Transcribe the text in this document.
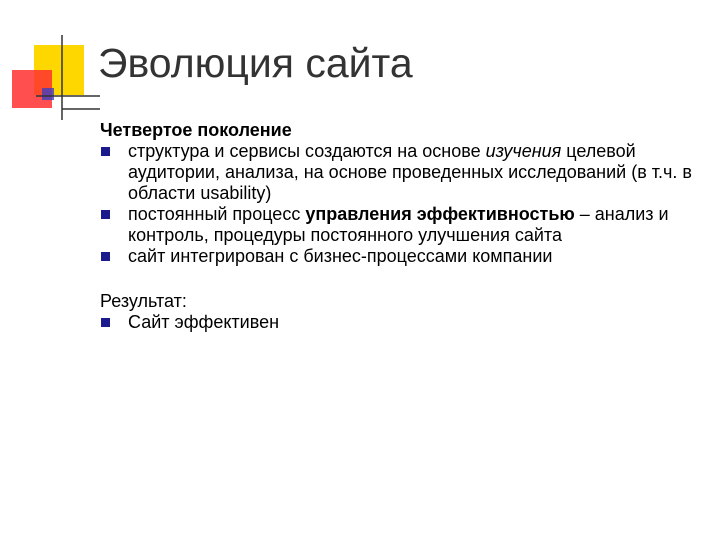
Эволюция сайта
Четвертое поколение
структура и сервисы создаются на основе изучения целевой аудитории, анализа, на основе проведенных исследований (в т.ч. в области usability)
постоянный процесс управления эффективностью – анализ и контроль, процедуры постоянного улучшения сайта
сайт интегрирован с бизнес-процессами компании
Результат:
Сайт эффективен
